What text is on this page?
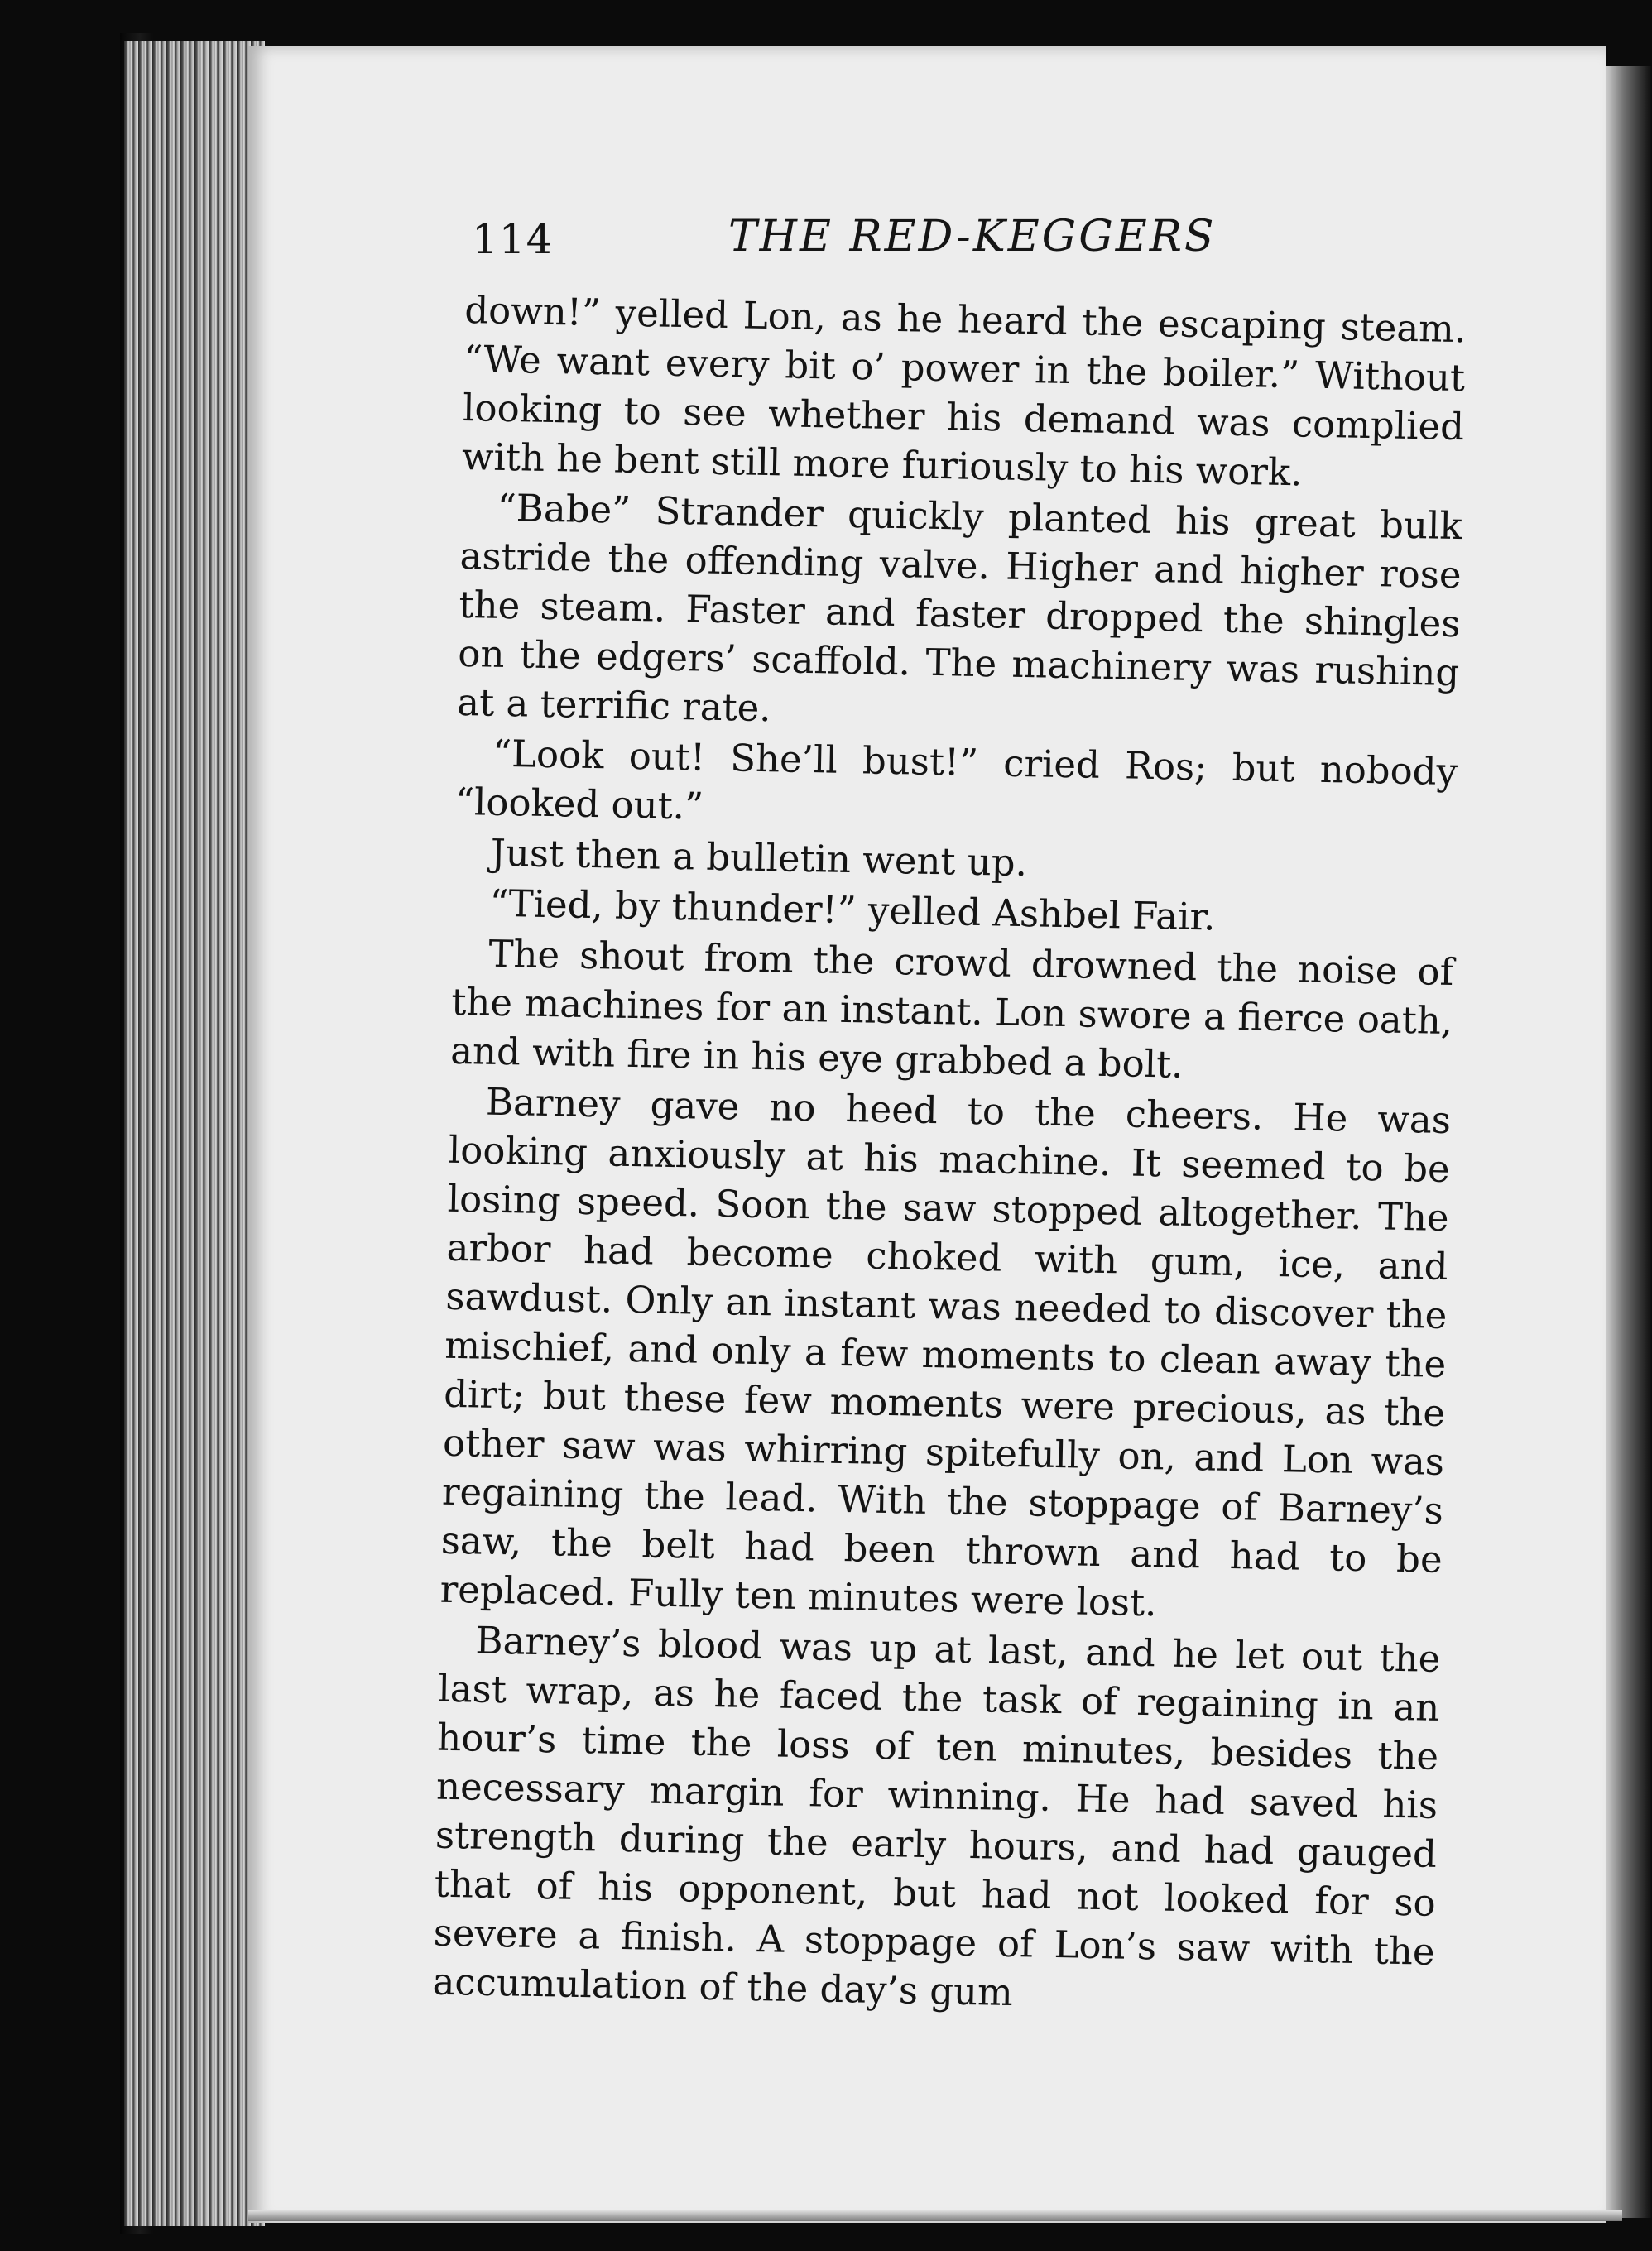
114	THE RED-KEGGERS

down!” yelled Lon, as he heard the escaping steam. “We want every bit o’ power in the boiler.” Without looking to see whether his demand was complied with he bent still more furiously to his work.

“Babe” Strander quickly planted his great bulk astride the offending valve. Higher and higher rose the steam. Faster and faster dropped the shingles on the edgers’ scaffold. The machinery was rushing at a terrific rate.

“Look out! She’ll bust!” cried Ros; but nobody “looked out.”

Just then a bulletin went up.

“Tied, by thunder!” yelled Ashbel Fair.

The shout from the crowd drowned the noise of the machines for an instant. Lon swore a fierce oath, and with fire in his eye grabbed a bolt.

Barney gave no heed to the cheers. He was looking anxiously at his machine. It seemed to be losing speed. Soon the saw stopped altogether. The arbor had become choked with gum, ice, and sawdust. Only an instant was needed to discover the mischief, and only a few moments to clean away the dirt; but these few moments were precious, as the other saw was whirring spitefully on, and Lon was regaining the lead. With the stoppage of Barney’s saw, the belt had been thrown and had to be replaced. Fully ten minutes were lost.

Barney’s blood was up at last, and he let out the last wrap, as he faced the task of regaining in an hour’s time the loss of ten minutes, besides the necessary margin for winning. He had saved his strength during the early hours, and had gauged that of his opponent, but had not looked for so severe a finish. A stoppage of Lon’s saw with the accumulation of the day’s gum
